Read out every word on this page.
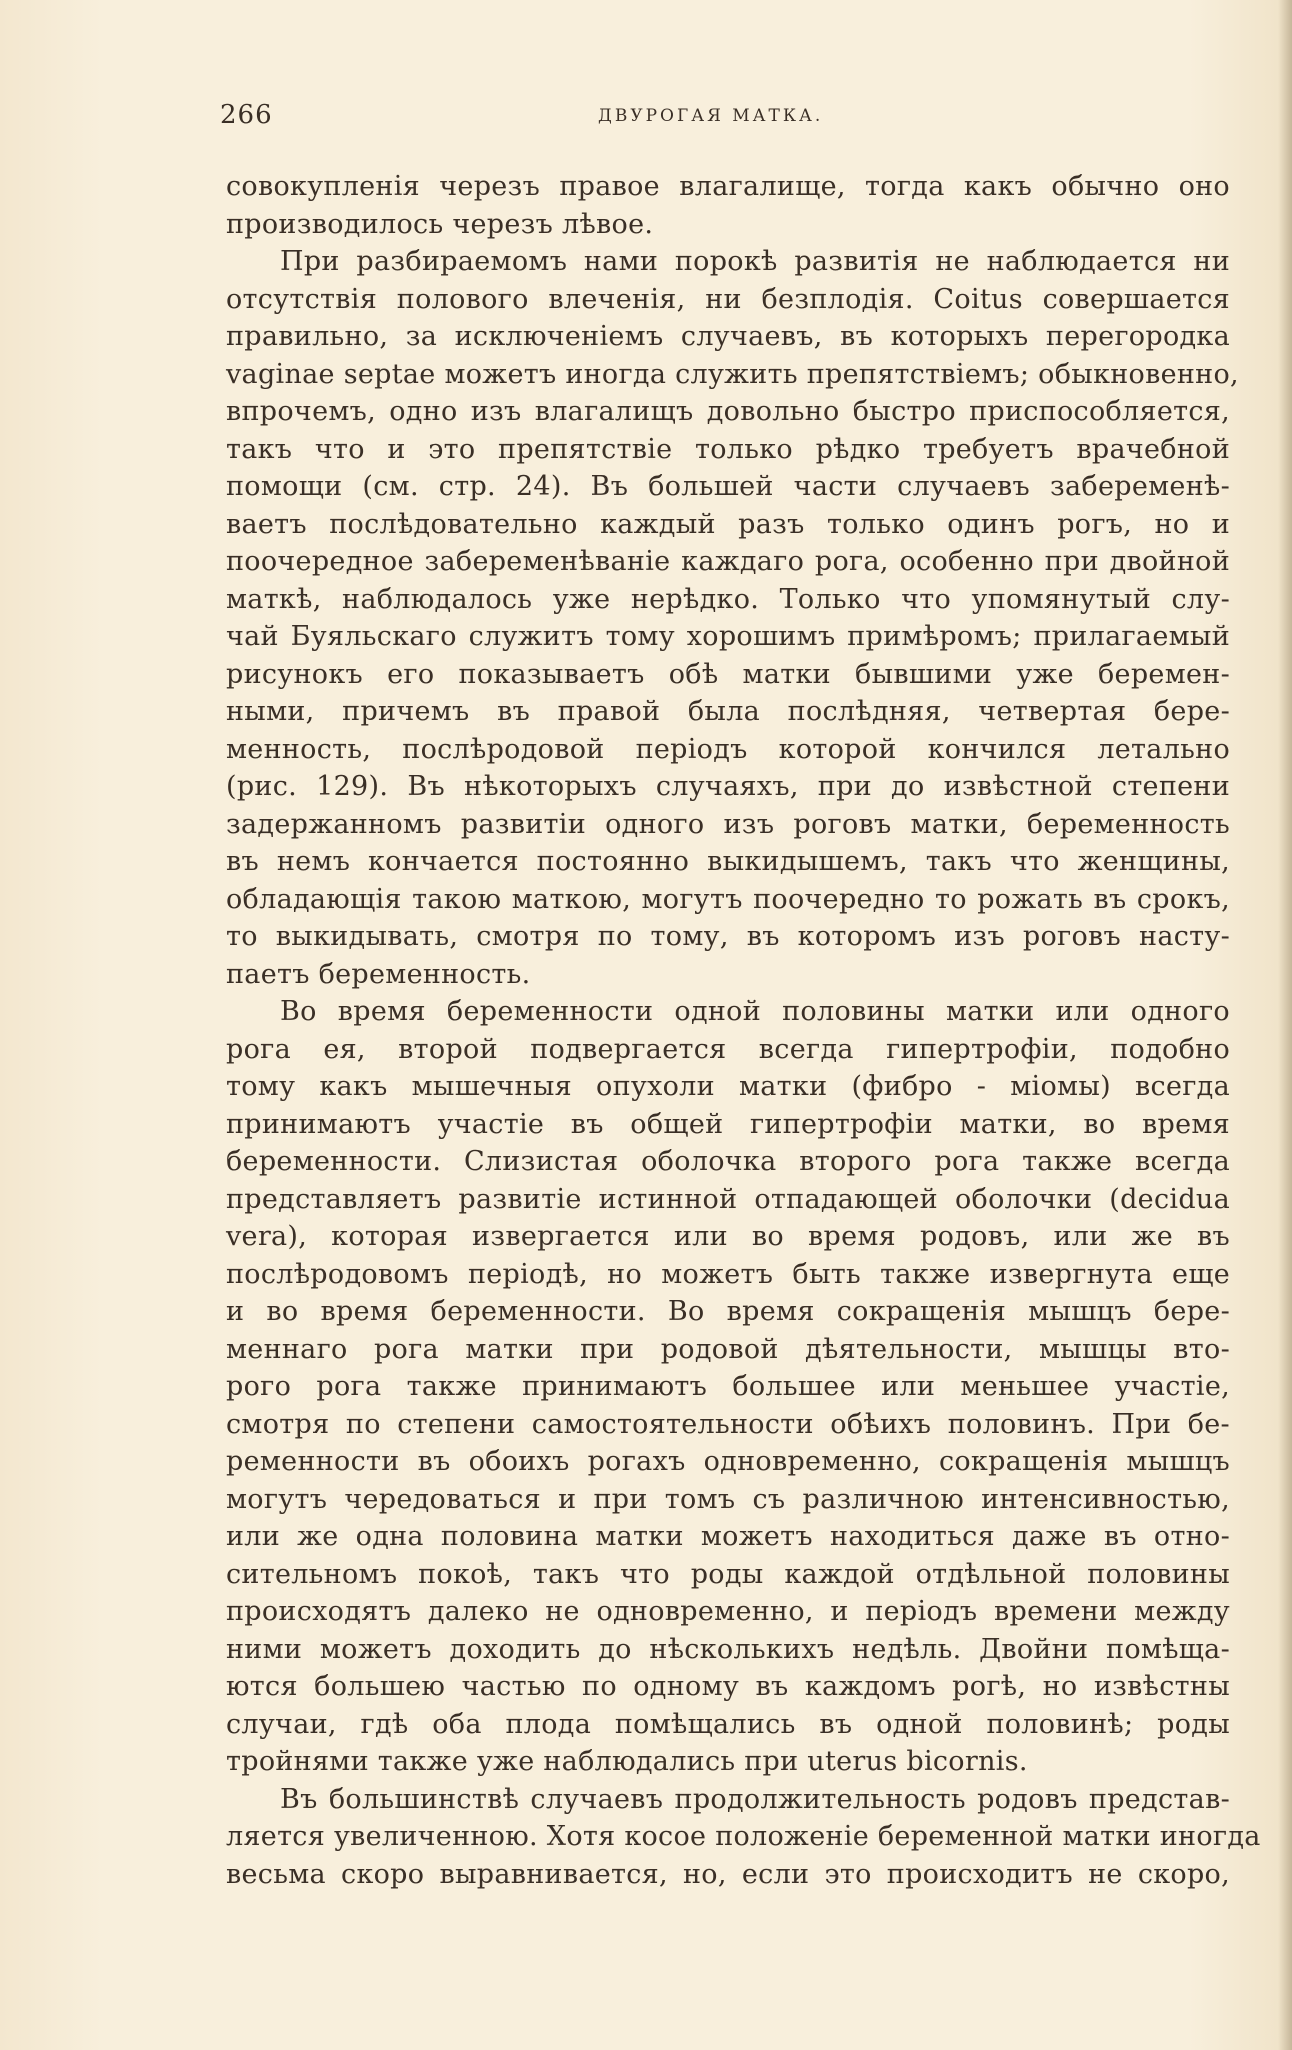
266	ДВУРОГАЯ МАТКА.
совокупленія черезъ правое влагалище, тогда какъ обычно оно
производилось черезъ лѣвое.
При разбираемомъ нами порокѣ развитія не наблюдается ни
отсутствія полового влеченія, ни безплодія. Coitus совершается
правильно, за исключеніемъ случаевъ, въ которыхъ перегородка
vaginae septae можетъ иногда служить препятствіемъ; обыкновенно,
впрочемъ, одно изъ влагалищъ довольно быстро приспособляется,
такъ что и это препятствіе только рѣдко требуетъ врачебной
помощи (см. стр. 24). Въ большей части случаевъ забеременѣ-
ваетъ послѣдовательно каждый разъ только одинъ рогъ, но и
поочередное забеременѣваніе каждаго рога, особенно при двойной
маткѣ, наблюдалось уже нерѣдко. Только что упомянутый слу-
чай Буяльскаго служитъ тому хорошимъ примѣромъ; прилагаемый
рисунокъ его показываетъ обѣ матки бывшими уже беремен-
ными, причемъ въ правой была послѣдняя, четвертая бере-
менность, послѣродовой періодъ которой кончился летально
(рис. 129). Въ нѣкоторыхъ случаяхъ, при до извѣстной степени
задержанномъ развитіи одного изъ роговъ матки, беременность
въ немъ кончается постоянно выкидышемъ, такъ что женщины,
обладающія такою маткою, могутъ поочередно то рожать въ срокъ,
то выкидывать, смотря по тому, въ которомъ изъ роговъ насту-
паетъ беременность.
Во время беременности одной половины матки или одного
рога ея, второй подвергается всегда гипертрофіи, подобно
тому какъ мышечныя опухоли матки (фибро - міомы) всегда
принимаютъ участіе въ общей гипертрофіи матки, во время
беременности. Слизистая оболочка второго рога также всегда
представляетъ развитіе истинной отпадающей оболочки (decidua
vera), которая извергается или во время родовъ, или же въ
послѣродовомъ періодѣ, но можетъ быть также извергнута еще
и во время беременности. Во время сокращенія мышцъ бере-
меннаго рога матки при родовой дѣятельности, мышцы вто-
рого рога также принимаютъ большее или меньшее участіе,
смотря по степени самостоятельности обѣихъ половинъ. При бе-
ременности въ обоихъ рогахъ одновременно, сокращенія мышцъ
могутъ чередоваться и при томъ съ различною интенсивностью,
или же одна половина матки можетъ находиться даже въ отно-
сительномъ покоѣ, такъ что роды каждой отдѣльной половины
происходятъ далеко не одновременно, и періодъ времени между
ними можетъ доходить до нѣсколькихъ недѣль. Двойни помѣща-
ются большею частью по одному въ каждомъ рогѣ, но извѣстны
случаи, гдѣ оба плода помѣщались въ одной половинѣ; роды
тройнями также уже наблюдались при uterus bicornis.
Въ большинствѣ случаевъ продолжительность родовъ представ-
ляется увеличенною. Хотя косое положеніе беременной матки иногда
весьма скоро выравнивается, но, если это происходитъ не скоро,
